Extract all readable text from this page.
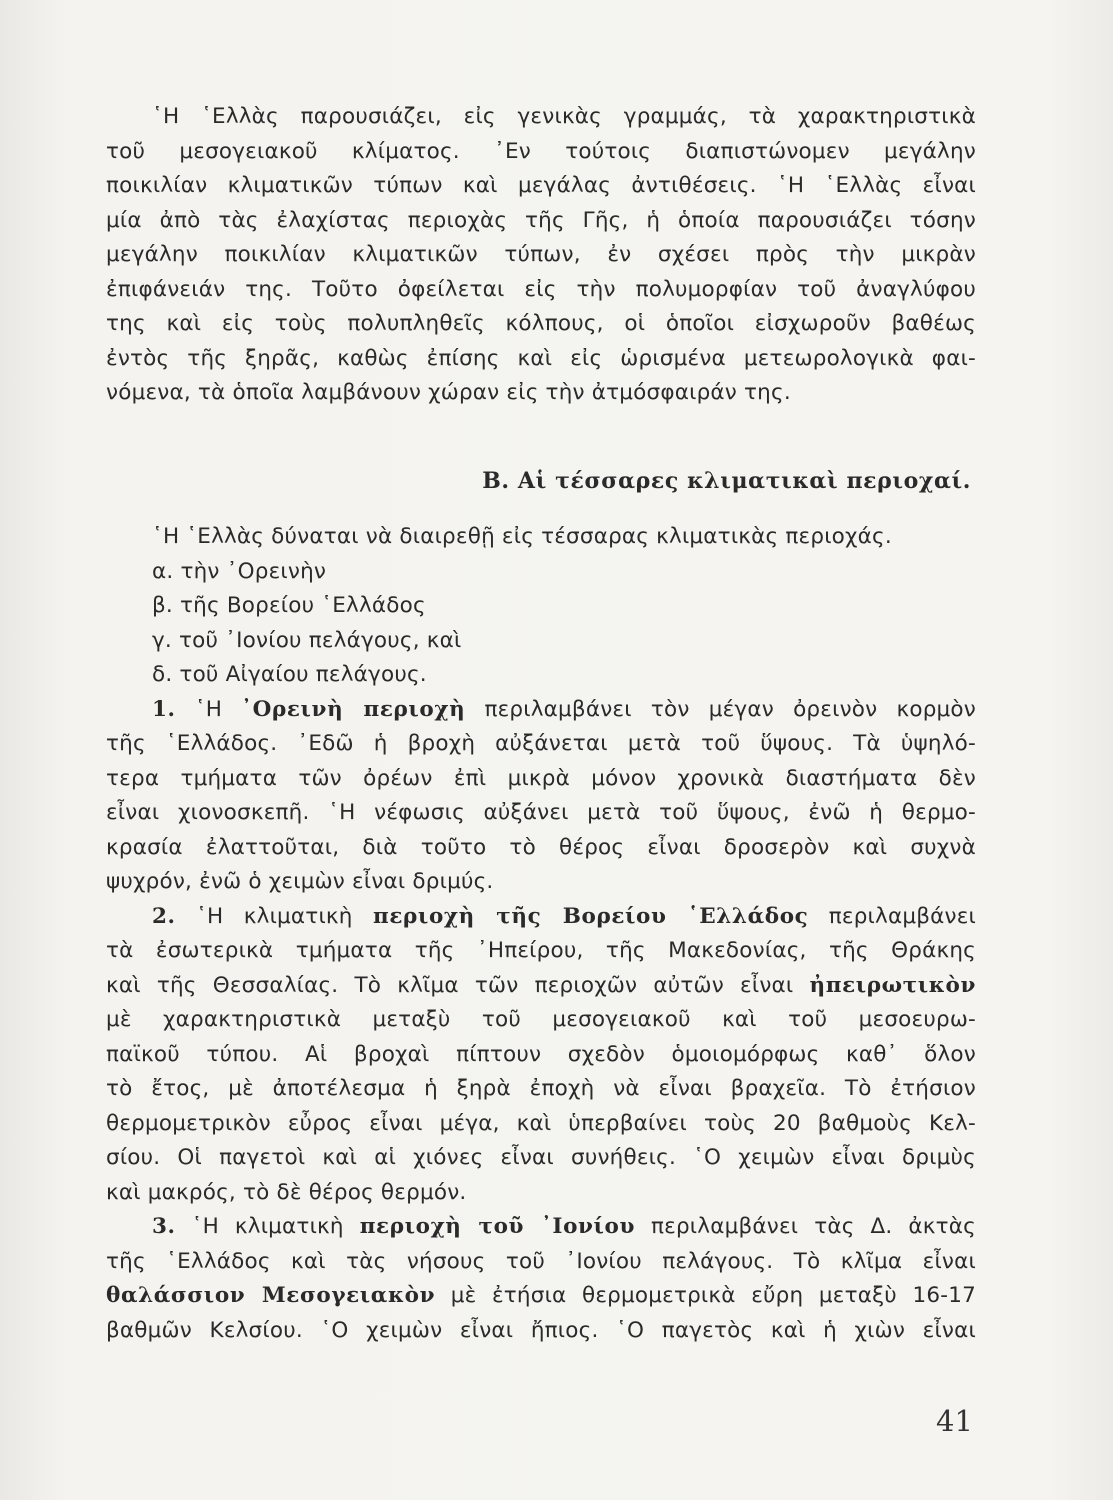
῾Η ῾Ελλὰς παρουσιάζει, εἰς γενικὰς γραμμάς, τὰ χαρακτηριστικὰ
τοῦ μεσογειακοῦ κλίματος. ᾿Εν τούτοις διαπιστώνομεν μεγάλην
ποικιλίαν κλιματικῶν τύπων καὶ μεγάλας ἀντιθέσεις. ῾Η ῾Ελλὰς εἶναι
μία ἀπὸ τὰς ἐλαχίστας περιοχὰς τῆς Γῆς, ἡ ὁποία παρουσιάζει τόσην
μεγάλην ποικιλίαν κλιματικῶν τύπων, ἐν σχέσει πρὸς τὴν μικρὰν
ἐπιφάνειάν της. Τοῦτο ὀφείλεται εἰς τὴν πολυμορφίαν τοῦ ἀναγλύφου
της καὶ εἰς τοὺς πολυπληθεῖς κόλπους, οἱ ὁποῖοι εἰσχωροῦν βαθέως
ἐντὸς τῆς ξηρᾶς, καθὼς ἐπίσης καὶ εἰς ὡρισμένα μετεωρολογικὰ φαι-
νόμενα, τὰ ὁποῖα λαμβάνουν χώραν εἰς τὴν ἀτμόσφαιράν της.
Β. Αἱ τέσσαρες κλιματικαὶ περιοχαί.
῾Η ῾Ελλὰς δύναται νὰ διαιρεθῇ εἰς τέσσαρας κλιματικὰς περιοχάς.
α. τὴν ᾿Ορεινὴν
β. τῆς Βορείου ῾Ελλάδος
γ. τοῦ ᾿Ιονίου πελάγους, καὶ
δ. τοῦ Αἰγαίου πελάγους.
1. ῾Η ᾿Ορεινὴ περιοχὴ περιλαμβάνει τὸν μέγαν ὀρεινὸν κορμὸν
τῆς ῾Ελλάδος. ᾿Εδῶ ἡ βροχὴ αὐξάνεται μετὰ τοῦ ὕψους. Τὰ ὑψηλό-
τερα τμήματα τῶν ὀρέων ἐπὶ μικρὰ μόνον χρονικὰ διαστήματα δὲν
εἶναι χιονοσκεπῆ. ῾Η νέφωσις αὐξάνει μετὰ τοῦ ὕψους, ἐνῶ ἡ θερμο-
κρασία ἐλαττοῦται, διὰ τοῦτο τὸ θέρος εἶναι δροσερὸν καὶ συχνὰ
ψυχρόν, ἐνῶ ὁ χειμὼν εἶναι δριμύς.
2. ῾Η κλιματικὴ περιοχὴ τῆς Βορείου ῾Ελλάδος περιλαμβάνει
τὰ ἐσωτερικὰ τμήματα τῆς ᾿Ηπείρου, τῆς Μακεδονίας, τῆς Θράκης
καὶ τῆς Θεσσαλίας. Τὸ κλῖμα τῶν περιοχῶν αὐτῶν εἶναι ἠπειρωτικὸν
μὲ χαρακτηριστικὰ μεταξὺ τοῦ μεσογειακοῦ καὶ τοῦ μεσοευρω-
παϊκοῦ τύπου. Αἱ βροχαὶ πίπτουν σχεδὸν ὁμοιομόρφως καθ᾿ ὅλον
τὸ ἔτος, μὲ ἀποτέλεσμα ἡ ξηρὰ ἐποχὴ νὰ εἶναι βραχεῖα. Τὸ ἐτήσιον
θερμομετρικὸν εὖρος εἶναι μέγα, καὶ ὑπερβαίνει τοὺς 20 βαθμοὺς Κελ-
σίου. Οἱ παγετοὶ καὶ αἱ χιόνες εἶναι συνήθεις. ῾Ο χειμὼν εἶναι δριμὺς
καὶ μακρός, τὸ δὲ θέρος θερμόν.
3. ῾Η κλιματικὴ περιοχὴ τοῦ ᾿Ιονίου περιλαμβάνει τὰς Δ. ἀκτὰς
τῆς ῾Ελλάδος καὶ τὰς νήσους τοῦ ᾿Ιονίου πελάγους. Τὸ κλῖμα εἶναι
θαλάσσιον Μεσογειακὸν μὲ ἐτήσια θερμομετρικὰ εὔρη μεταξὺ 16-17
βαθμῶν Κελσίου. ῾Ο χειμὼν εἶναι ἤπιος. ῾Ο παγετὸς καὶ ἡ χιὼν εἶναι
41
